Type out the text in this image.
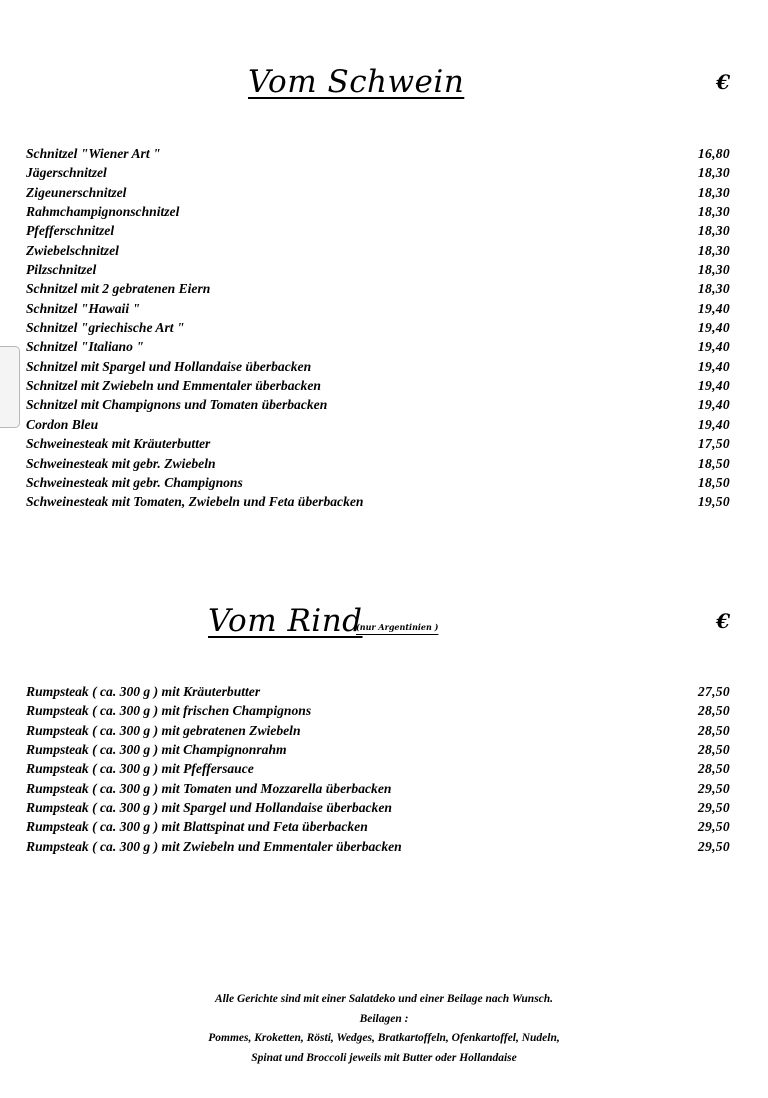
Vom Schwein	€
Schnitzel "Wiener Art "	16,80
Jägerschnitzel	18,30
Zigeunerschnitzel	18,30
Rahmchampignonschnitzel	18,30
Pfefferschnitzel	18,30
Zwiebelschnitzel	18,30
Pilzschnitzel	18,30
Schnitzel mit 2 gebratenen Eiern	18,30
Schnitzel "Hawaii "	19,40
Schnitzel "griechische Art "	19,40
Schnitzel "Italiano "	19,40
Schnitzel mit Spargel und Hollandaise überbacken	19,40
Schnitzel mit Zwiebeln und Emmentaler überbacken	19,40
Schnitzel mit Champignons und Tomaten überbacken	19,40
Cordon Bleu	19,40
Schweinesteak mit Kräuterbutter	17,50
Schweinesteak mit gebr. Zwiebeln	18,50
Schweinesteak mit gebr. Champignons	18,50
Schweinesteak mit Tomaten, Zwiebeln und Feta überbacken	19,50
Vom Rind
(nur Argentinien )	€
Rumpsteak ( ca. 300 g ) mit Kräuterbutter	27,50
Rumpsteak ( ca. 300 g ) mit frischen Champignons	28,50
Rumpsteak ( ca. 300 g ) mit gebratenen Zwiebeln	28,50
Rumpsteak ( ca. 300 g ) mit Champignonrahm	28,50
Rumpsteak ( ca. 300 g ) mit Pfeffersauce	28,50
Rumpsteak ( ca. 300 g ) mit Tomaten und Mozzarella überbacken	29,50
Rumpsteak ( ca. 300 g ) mit Spargel und Hollandaise überbacken	29,50
Rumpsteak ( ca. 300 g ) mit Blattspinat und Feta überbacken	29,50
Rumpsteak ( ca. 300 g ) mit Zwiebeln und Emmentaler überbacken	29,50
Alle Gerichte sind mit einer Salatdeko und einer Beilage nach Wunsch.
Beilagen :
Pommes, Kroketten, Rösti, Wedges, Bratkartoffeln, Ofenkartoffel, Nudeln,
Spinat und Broccoli jeweils mit Butter oder Hollandaise
